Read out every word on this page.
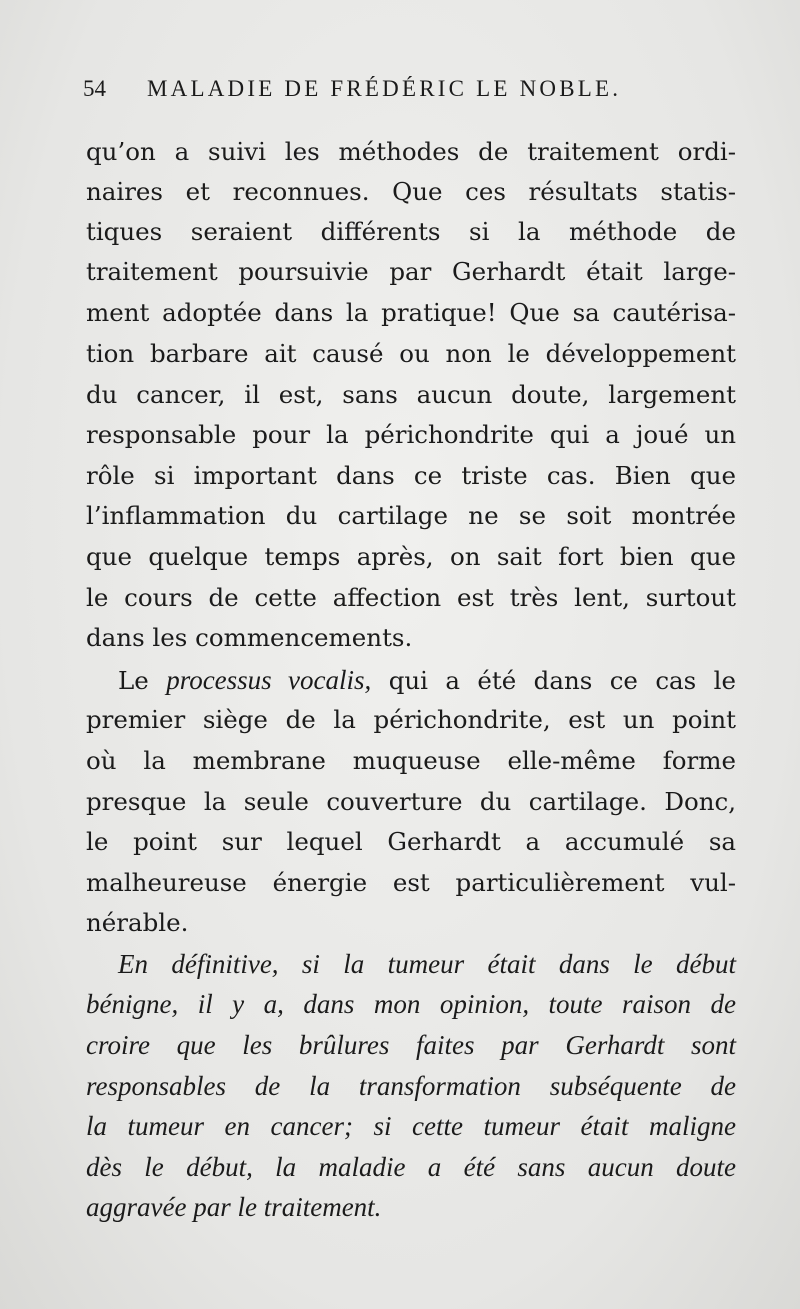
54 MALADIE DE FRÉDÉRIC LE NOBLE.
qu’on a suivi les méthodes de traitement ordi-
naires et reconnues. Que ces résultats statis-
tiques seraient différents si la méthode de
traitement poursuivie par Gerhardt était large-
ment adoptée dans la pratique! Que sa cautérisa-
tion barbare ait causé ou non le développement
du cancer, il est, sans aucun doute, largement
responsable pour la périchondrite qui a joué un
rôle si important dans ce triste cas. Bien que
l’inflammation du cartilage ne se soit montrée
que quelque temps après, on sait fort bien que
le cours de cette affection est très lent, surtout
dans les commencements.
Le processus vocalis, qui a été dans ce cas le
premier siège de la périchondrite, est un point
où la membrane muqueuse elle-même forme
presque la seule couverture du cartilage. Donc,
le point sur lequel Gerhardt a accumulé sa
malheureuse énergie est particulièrement vul-
nérable.
En définitive, si la tumeur était dans le début
bénigne, il y a, dans mon opinion, toute raison de
croire que les brûlures faites par Gerhardt sont
responsables de la transformation subséquente de
la tumeur en cancer; si cette tumeur était maligne
dès le début, la maladie a été sans aucun doute
aggravée par le traitement.
